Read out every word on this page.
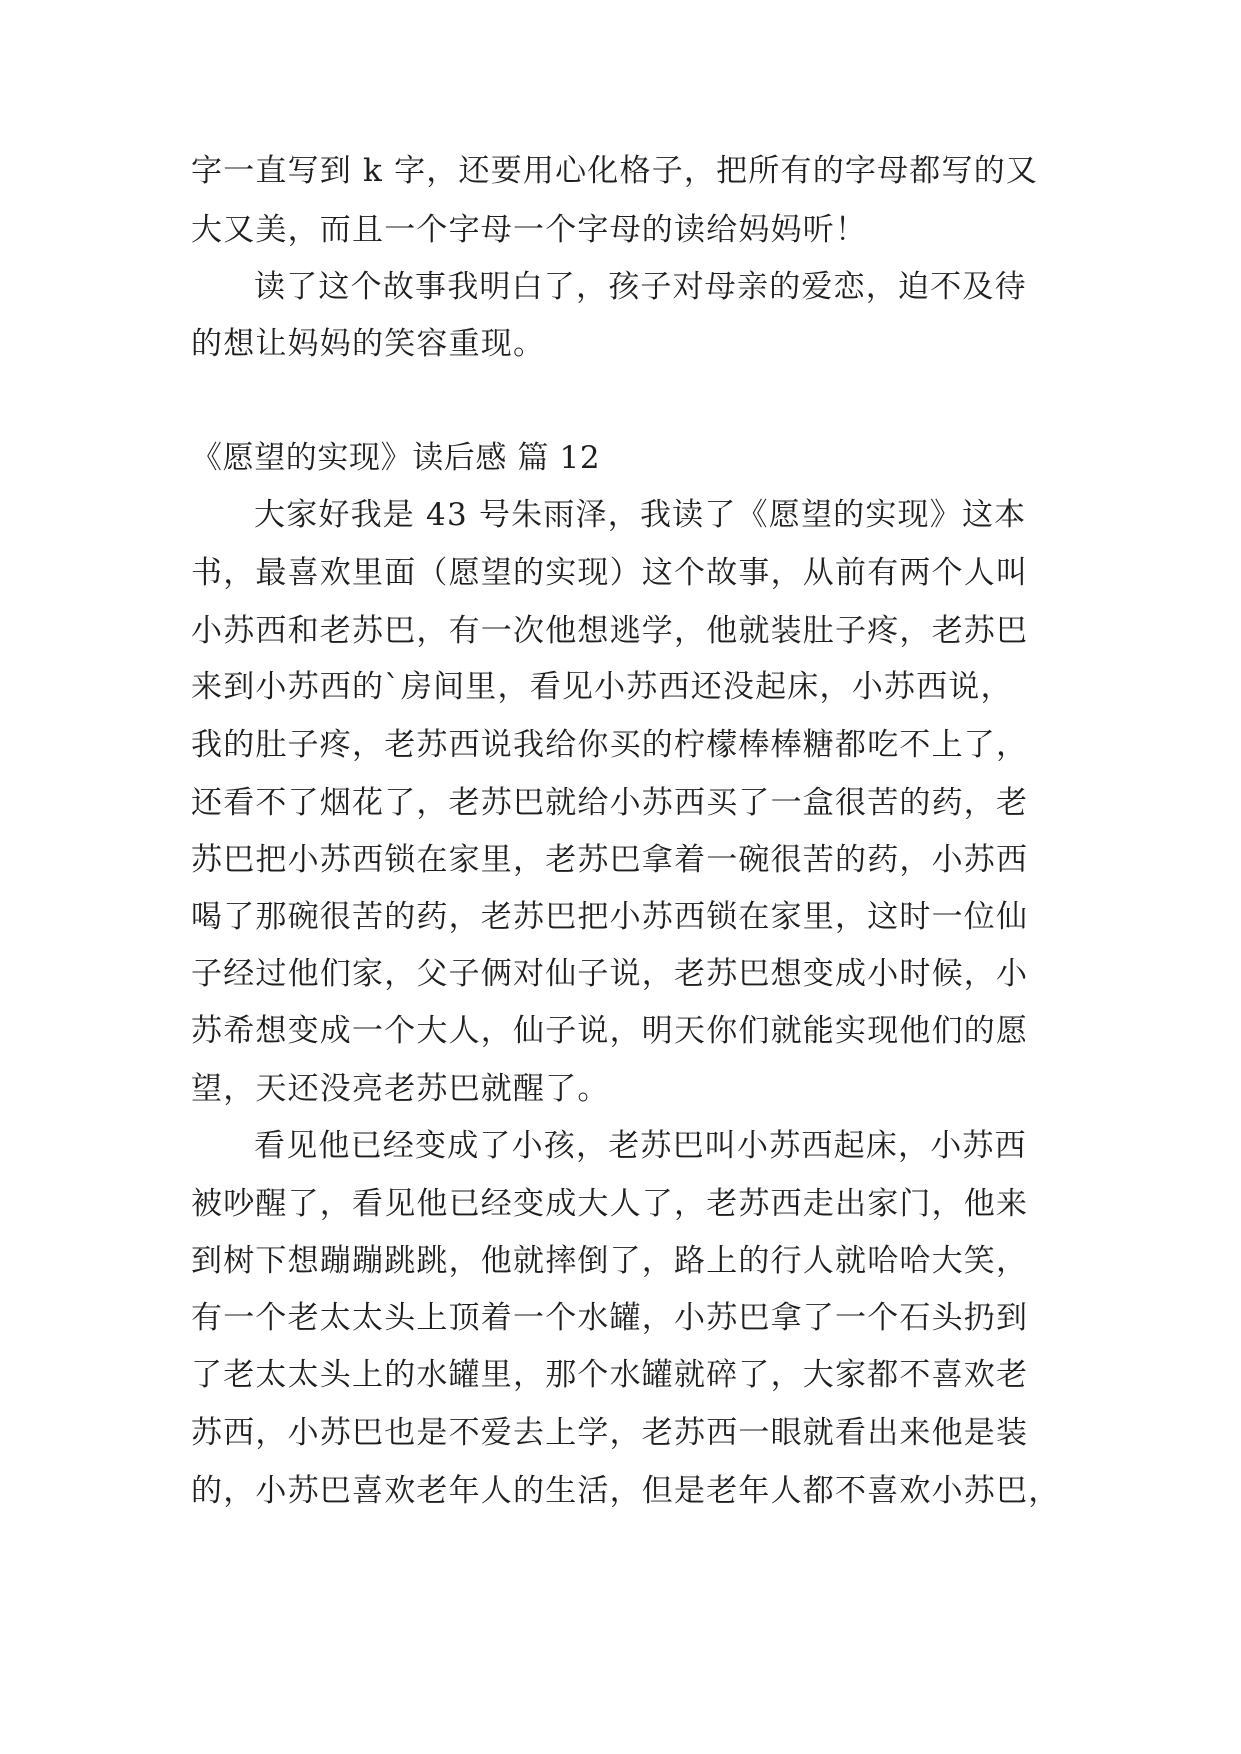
字一直写到 k 字，还要用心化格子，把所有的字母都写的又
大又美，而且一个字母一个字母的读给妈妈听！
读了这个故事我明白了，孩子对母亲的爱恋，迫不及待
的想让妈妈的笑容重现。
《愿望的实现》读后感 篇 12
大家好我是 43 号朱雨泽，我读了《愿望的实现》这本
书，最喜欢里面（愿望的实现）这个故事，从前有两个人叫
小苏西和老苏巴，有一次他想逃学，他就装肚子疼，老苏巴
来到小苏西的`房间里，看见小苏西还没起床，小苏西说，
我的肚子疼，老苏西说我给你买的柠檬棒棒糖都吃不上了，
还看不了烟花了，老苏巴就给小苏西买了一盒很苦的药，老
苏巴把小苏西锁在家里，老苏巴拿着一碗很苦的药，小苏西
喝了那碗很苦的药，老苏巴把小苏西锁在家里，这时一位仙
子经过他们家，父子俩对仙子说，老苏巴想变成小时候，小
苏希想变成一个大人，仙子说，明天你们就能实现他们的愿
望，天还没亮老苏巴就醒了。
看见他已经变成了小孩，老苏巴叫小苏西起床，小苏西
被吵醒了，看见他已经变成大人了，老苏西走出家门，他来
到树下想蹦蹦跳跳，他就摔倒了，路上的行人就哈哈大笑，
有一个老太太头上顶着一个水罐，小苏巴拿了一个石头扔到
了老太太头上的水罐里，那个水罐就碎了，大家都不喜欢老
苏西，小苏巴也是不爱去上学，老苏西一眼就看出来他是装
的，小苏巴喜欢老年人的生活，但是老年人都不喜欢小苏巴，
